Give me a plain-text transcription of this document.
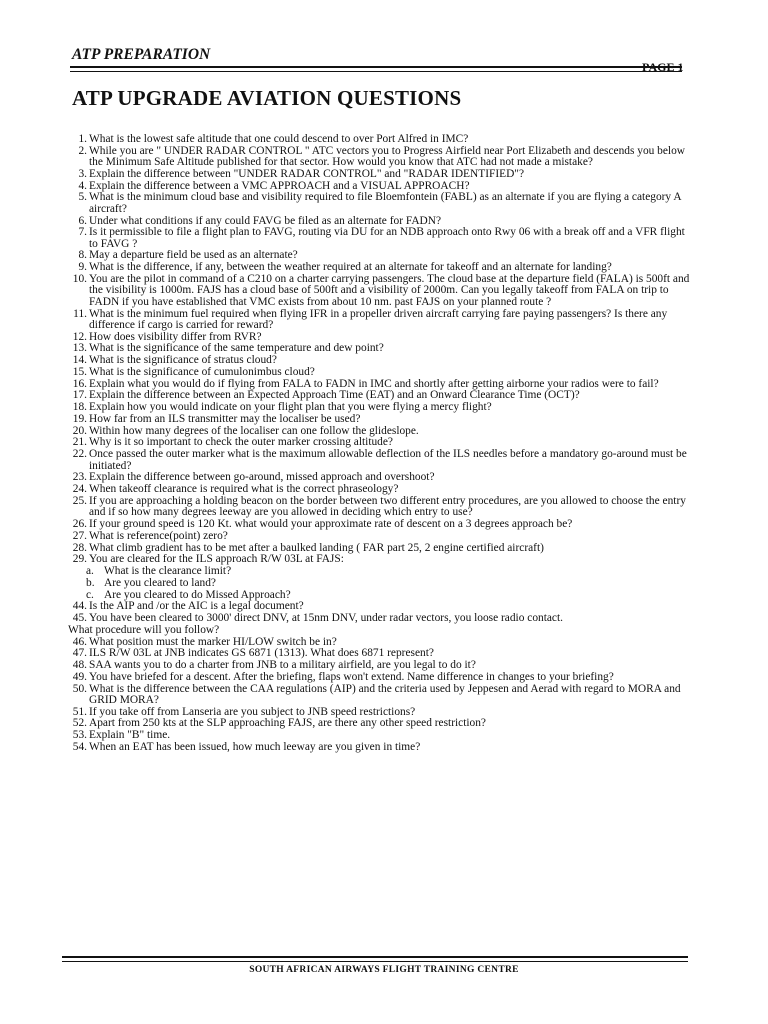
ATP PREPARATION
PAGE 1
ATP UPGRADE AVIATION QUESTIONS
1. What is the lowest safe altitude that one could descend to over Port Alfred in IMC?
2. While you are " UNDER RADAR CONTROL " ATC vectors you to Progress Airfield near Port Elizabeth and descends you below the Minimum Safe Altitude published for that sector. How would you know that ATC had not made a mistake?
3. Explain the difference between "UNDER RADAR CONTROL" and "RADAR IDENTIFIED"?
4. Explain the difference between a VMC APPROACH and a VISUAL APPROACH?
5. What is the minimum cloud base and visibility required to file Bloemfontein (FABL) as an alternate if you are flying a category A aircraft?
6. Under what conditions if any could FAVG be filed as an alternate for FADN?
7. Is it permissible to file a flight plan to FAVG, routing via DU for an NDB approach onto Rwy 06 with a break off and a VFR flight to FAVG ?
8. May a departure field be used as an alternate?
9. What is the difference, if any, between the weather required at an alternate for takeoff and an alternate for landing?
10. You are the pilot in command of a C210 on a charter carrying passengers. The cloud base at the departure field (FALA) is 500ft and the visibility is 1000m. FAJS has a cloud base of 500ft and a visibility of 2000m. Can you legally takeoff from FALA on trip to FADN if you have established that VMC exists from about 10 nm. past FAJS on your planned route ?
11. What is the minimum fuel required when flying IFR in a propeller driven aircraft carrying fare paying passengers? Is there any difference if cargo is carried for reward?
12. How does visibility differ from RVR?
13. What is the significance of the same temperature and dew point?
14. What is the significance of stratus cloud?
15. What is the significance of cumulonimbus cloud?
16. Explain what you would do if flying from FALA to FADN in IMC and shortly after getting airborne your radios were to fail?
17. Explain the difference between an Expected Approach Time (EAT) and an Onward Clearance Time (OCT)?
18. Explain how you would indicate on your flight plan that you were flying a mercy flight?
19. How far from an ILS transmitter may the localiser be used?
20. Within how many degrees of the localiser can one follow the glideslope.
21. Why is it so important to check the outer marker crossing altitude?
22. Once passed the outer marker what is the maximum allowable deflection of the ILS needles before a mandatory go-around must be initiated?
23. Explain the difference between go-around, missed approach and overshoot?
24. When takeoff clearance is required what is the correct phraseology?
25. If you are approaching a holding beacon on the border between two different entry procedures, are you allowed to choose the entry and if so how many degrees leeway are you allowed in deciding which entry to use?
26. If your ground speed is 120 Kt. what would your approximate rate of descent on a 3 degrees approach be?
27. What is reference(point) zero?
28. What climb gradient has to be met after a baulked landing ( FAR part 25, 2 engine certified aircraft)
29. You are cleared for the ILS approach R/W 03L at FAJS:
a. What is the clearance limit?
b. Are you cleared to land?
c. Are you cleared to do Missed Approach?
44. Is the AIP and /or the AIC is a legal document?
45. You have been cleared to 3000' direct DNV, at 15nm DNV, under radar vectors, you loose radio contact.
What procedure will you follow?
46. What position must the marker HI/LOW switch be in?
47. ILS R/W 03L at JNB indicates GS 6871 (1313). What does 6871 represent?
48. SAA wants you to do a charter from JNB to a military airfield, are you legal to do it?
49. You have briefed for a descent. After the briefing, flaps won't extend. Name difference in changes to your briefing?
50. What is the difference between the CAA regulations (AIP) and the criteria used by Jeppesen and Aerad with regard to MORA and GRID MORA?
51. If you take off from Lanseria are you subject to JNB speed restrictions?
52. Apart from 250 kts at the SLP approaching FAJS, are there any other speed restriction?
53. Explain "B" time.
54. When an EAT has been issued, how much leeway are you given in time?
SOUTH AFRICAN AIRWAYS FLIGHT TRAINING CENTRE
